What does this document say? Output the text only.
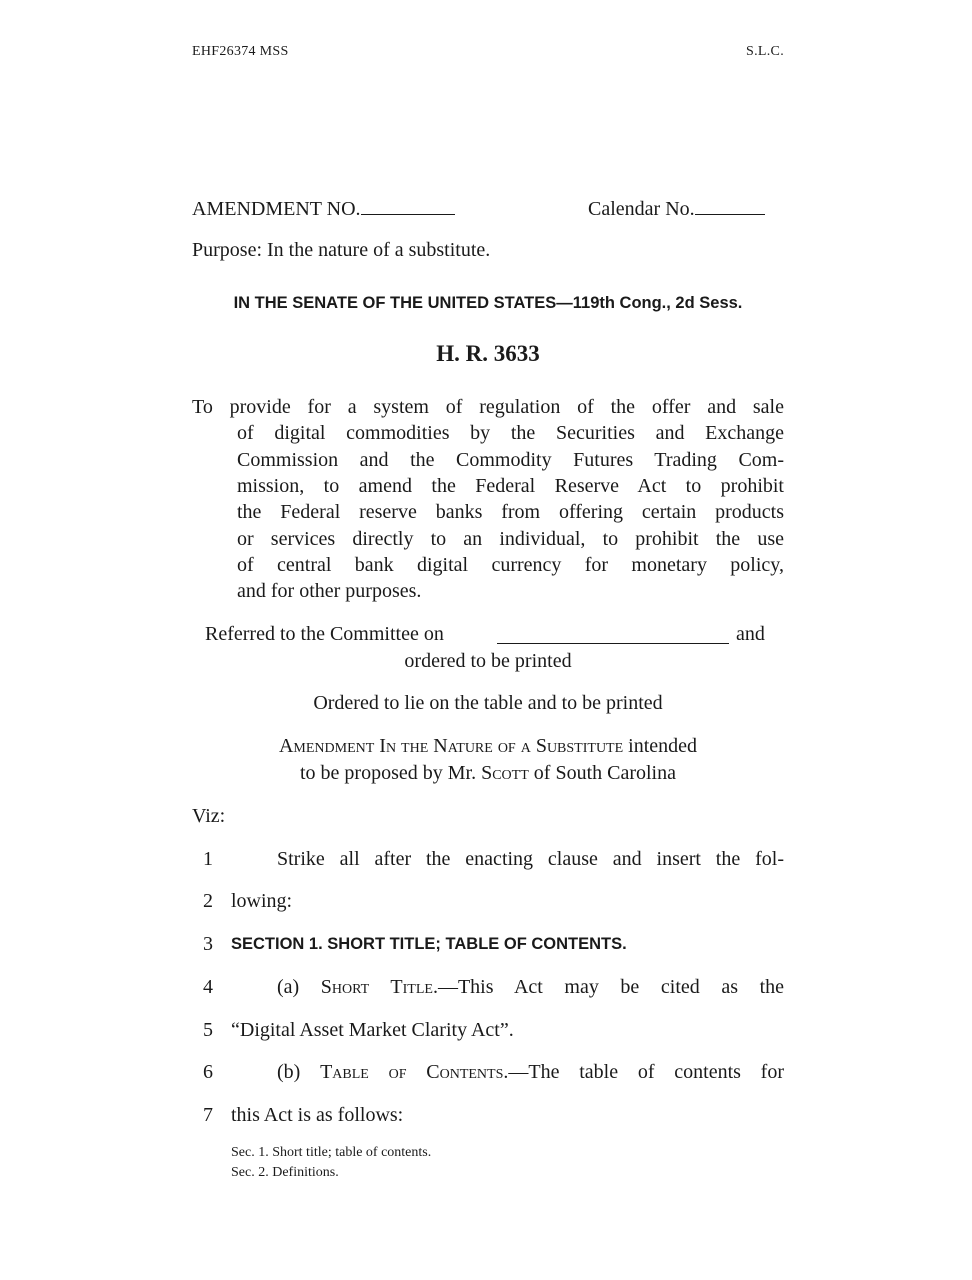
EHF26374 MSS	S.L.C.
AMENDMENT NO.	Calendar No.
Purpose: In the nature of a substitute.
IN THE SENATE OF THE UNITED STATES—119th Cong., 2d Sess.
H. R. 3633
To provide for a system of regulation of the offer and sale
of digital commodities by the Securities and Exchange
Commission and the Commodity Futures Trading Com-
mission, to amend the Federal Reserve Act to prohibit
the Federal reserve banks from offering certain products
or services directly to an individual, to prohibit the use
of central bank digital currency for monetary policy,
and for other purposes.
Referred to the Committee on	and
ordered to be printed
Ordered to lie on the table and to be printed
Amendment In the Nature of a Substitute intended
to be proposed by Mr. Scott of South Carolina
Viz:
1	Strike all after the enacting clause and insert the fol-
2 lowing:
3	SECTION 1. SHORT TITLE; TABLE OF CONTENTS.
4	(a) Short Title.—This Act may be cited as the
5 “Digital Asset Market Clarity Act”.
6	(b) Table of Contents.—The table of contents for
7 this Act is as follows:
Sec. 1. Short title; table of contents.
Sec. 2. Definitions.
